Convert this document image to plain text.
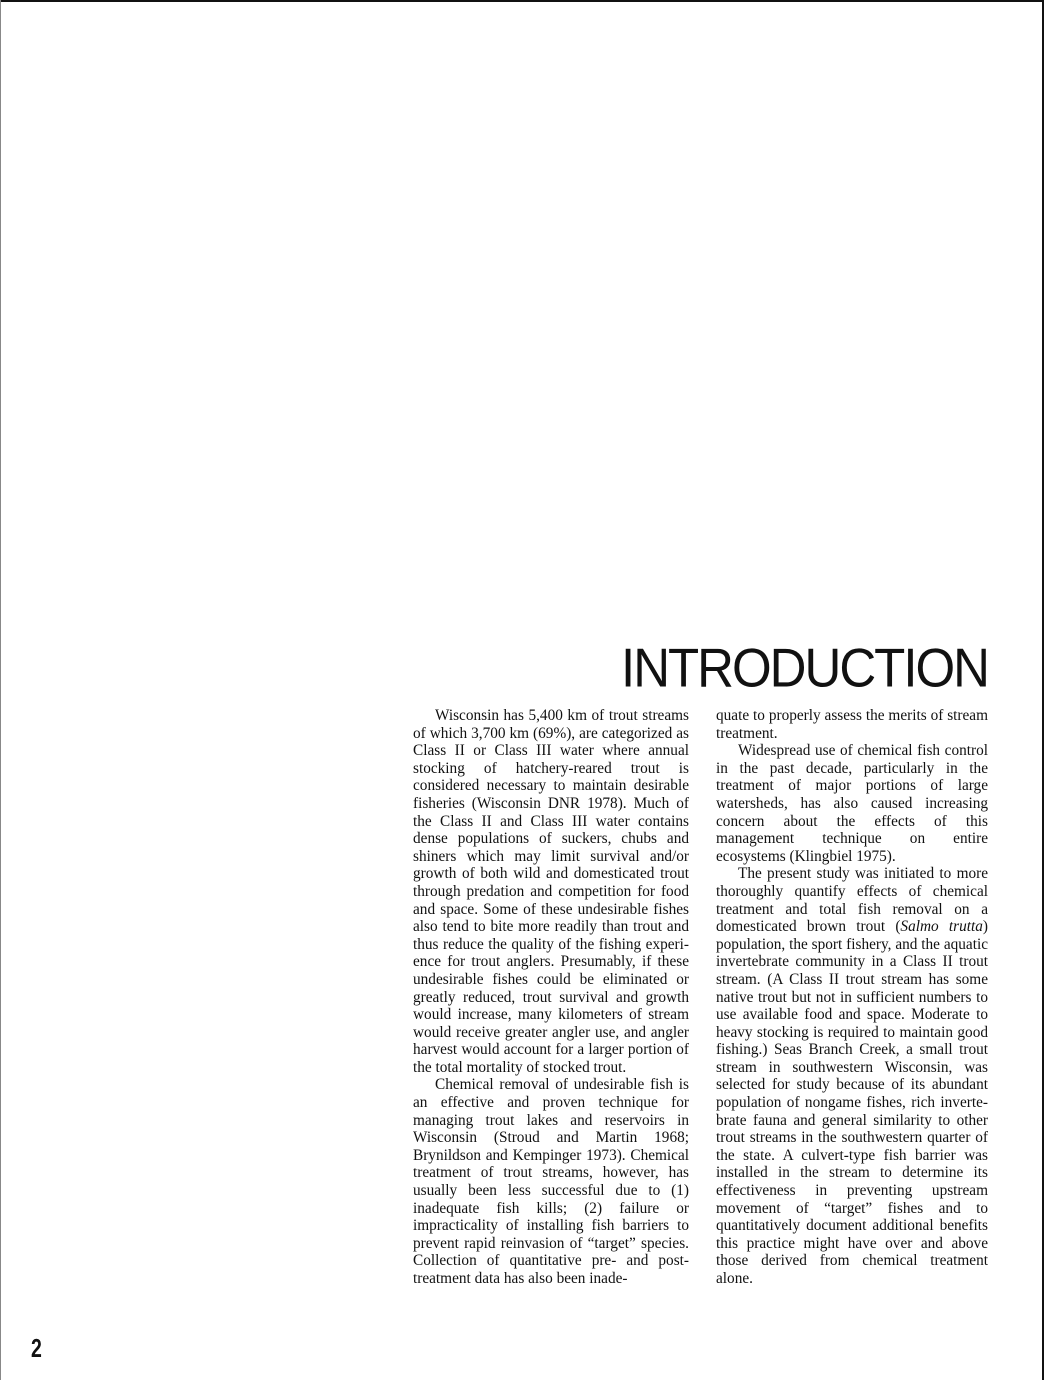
INTRODUCTION

Wisconsin has 5,400 km of trout streams of which 3,700 km (69%), are categorized as Class II or Class III water where annual stocking of hatchery-reared trout is considered necessary to maintain desirable fisheries (Wisconsin DNR 1978). Much of the Class II and Class III water contains dense populations of suckers, chubs and shiners which may limit survival and/or growth of both wild and domesticated trout through predation and competition for food and space. Some of these undesirable fishes also tend to bite more readily than trout and thus reduce the quality of the fishing experience for trout anglers. Presumably, if these undesirable fishes could be eliminated or greatly reduced, trout survival and growth would increase, many kilometers of stream would receive greater angler use, and angler harvest would account for a larger portion of the total mortality of stocked trout.

Chemical removal of undesirable fish is an effective and proven technique for managing trout lakes and reservoirs in Wisconsin (Stroud and Martin 1968; Brynildson and Kempinger 1973). Chemical treatment of trout streams, however, has usually been less successful due to (1) inadequate fish kills; (2) failure or impracticality of installing fish barriers to prevent rapid reinvasion of “target” species. Collection of quantitative pre- and post-treatment data has also been inade-

quate to properly assess the merits of stream treatment.

Widespread use of chemical fish control in the past decade, particularly in the treatment of major portions of large watersheds, has also caused increasing concern about the effects of this management technique on entire ecosystems (Klingbiel 1975).

The present study was initiated to more thoroughly quantify effects of chemical treatment and total fish removal on a domesticated brown trout (Salmo trutta) population, the sport fishery, and the aquatic invertebrate community in a Class II trout stream. (A Class II trout stream has some native trout but not in sufficient numbers to use available food and space. Moderate to heavy stocking is required to maintain good fishing.) Seas Branch Creek, a small trout stream in southwestern Wisconsin, was selected for study because of its abundant population of nongame fishes, rich invertebrate fauna and general similarity to other trout streams in the southwestern quarter of the state. A culvert-type fish barrier was installed in the stream to determine its effectiveness in preventing upstream movement of “target” fishes and to quantitatively document additional benefits this practice might have over and above those derived from chemical treatment alone.

2
